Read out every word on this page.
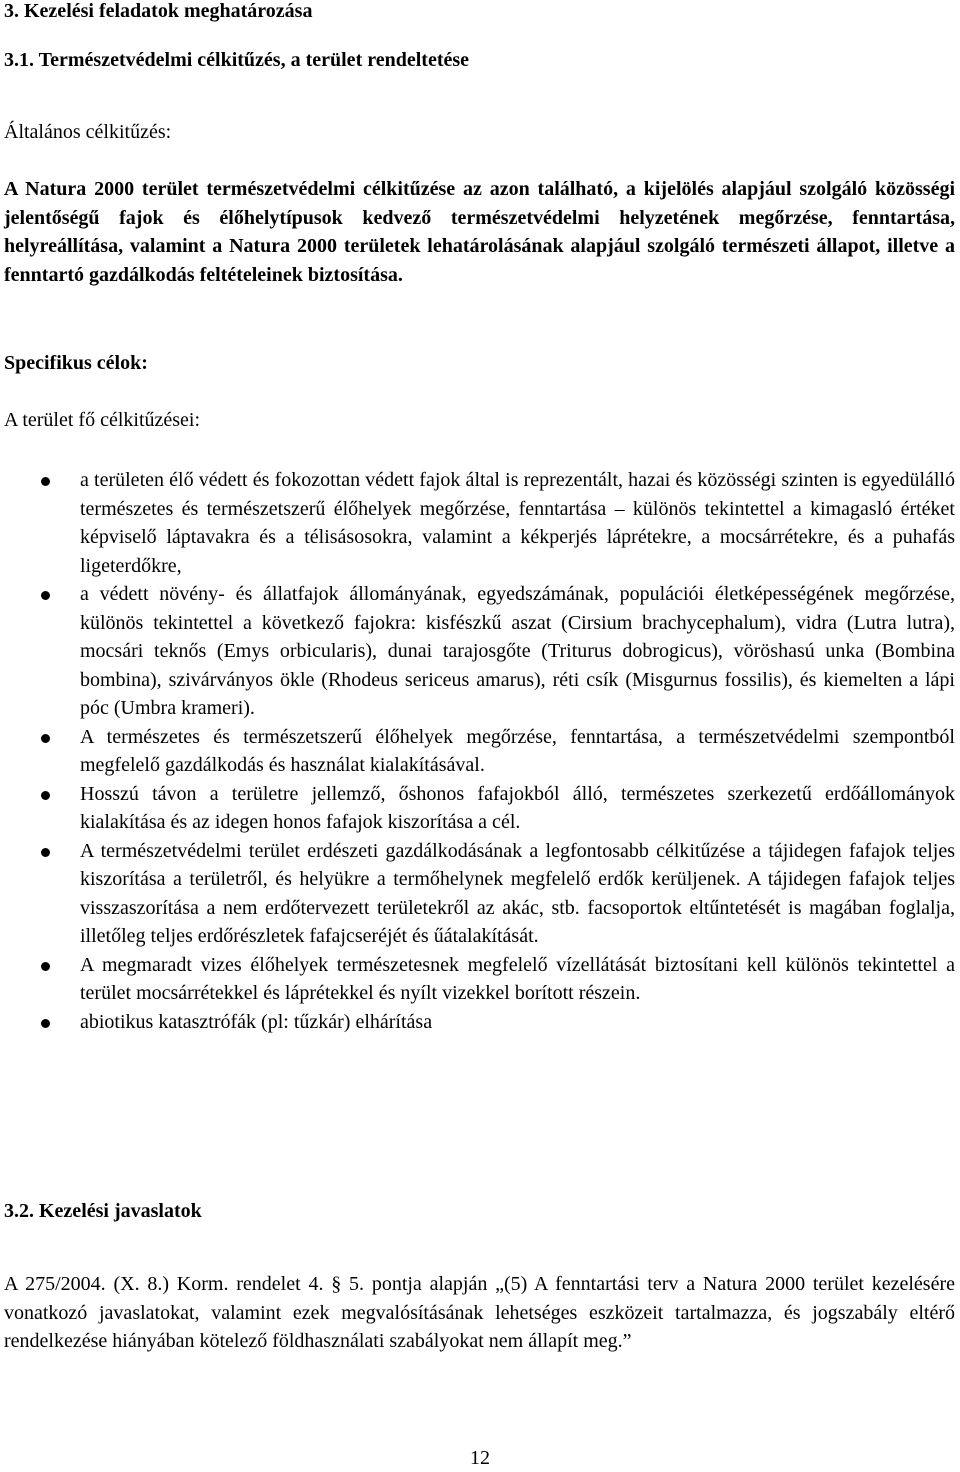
3. Kezelési feladatok meghatározása

3.1. Természetvédelmi célkitűzés, a terület rendeltetése

Általános célkitűzés:

A Natura 2000 terület természetvédelmi célkitűzése az azon található, a kijelölés alapjául szolgáló közösségi jelentőségű fajok és élőhelytípusok kedvező természetvédelmi helyzetének megőrzése, fenntartása, helyreállítása, valamint a Natura 2000 területek lehatárolásának alapjául szolgáló természeti állapot, illetve a fenntartó gazdálkodás feltételeinek biztosítása.

Specifikus célok:

A terület fő célkitűzései:

a területen élő védett és fokozottan védett fajok által is reprezentált, hazai és közösségi szinten is egyedülálló természetes és természetszerű élőhelyek megőrzése, fenntartása – különös tekintettel a kimagasló értéket képviselő láptavakra és a télisásosokra, valamint a kékperjés láprétekre, a mocsárrétekre, és a puhafás ligeterdőkre,
a védett növény- és állatfajok állományának, egyedszámának, populációi életképességének megőrzése, különös tekintettel a következő fajokra: kisfészkű aszat (Cirsium brachycephalum), vidra (Lutra lutra), mocsári teknős (Emys orbicularis), dunai tarajosgőte (Triturus dobrogicus), vöröshasú unka (Bombina bombina), szivárványos ökle (Rhodeus sericeus amarus), réti csík (Misgurnus fossilis), és kiemelten a lápi póc (Umbra krameri).
A természetes és természetszerű élőhelyek megőrzése, fenntartása, a természetvédelmi szempontból megfelelő gazdálkodás és használat kialakításával.
Hosszú távon a területre jellemző, őshonos fafajokból álló, természetes szerkezetű erdőállományok kialakítása és az idegen honos fafajok kiszorítása a cél.
A természetvédelmi terület erdészeti gazdálkodásának a legfontosabb célkitűzése a tájidegen fafajok teljes kiszorítása a területről, és helyükre a termőhelynek megfelelő erdők kerüljenek. A tájidegen fafajok teljes visszaszorítása a nem erdőtervezett területekről az akác, stb. facsoportok eltűntetését is magában foglalja, illetőleg teljes erdőrészletek fafajcseréjét és űátalakítását.
A megmaradt vizes élőhelyek természetesnek megfelelő vízellátását biztosítani kell különös tekintettel a terület mocsárrétekkel és láprétekkel és nyílt vizekkel borított részein.
abiotikus katasztrófák (pl: tűzkár) elhárítása

3.2. Kezelési javaslatok

A 275/2004. (X. 8.) Korm. rendelet 4. § 5. pontja alapján „(5) A fenntartási terv a Natura 2000 terület kezelésére vonatkozó javaslatokat, valamint ezek megvalósításának lehetséges eszközeit tartalmazza, és jogszabály eltérő rendelkezése hiányában kötelező földhasználati szabályokat nem állapít meg.”

12
